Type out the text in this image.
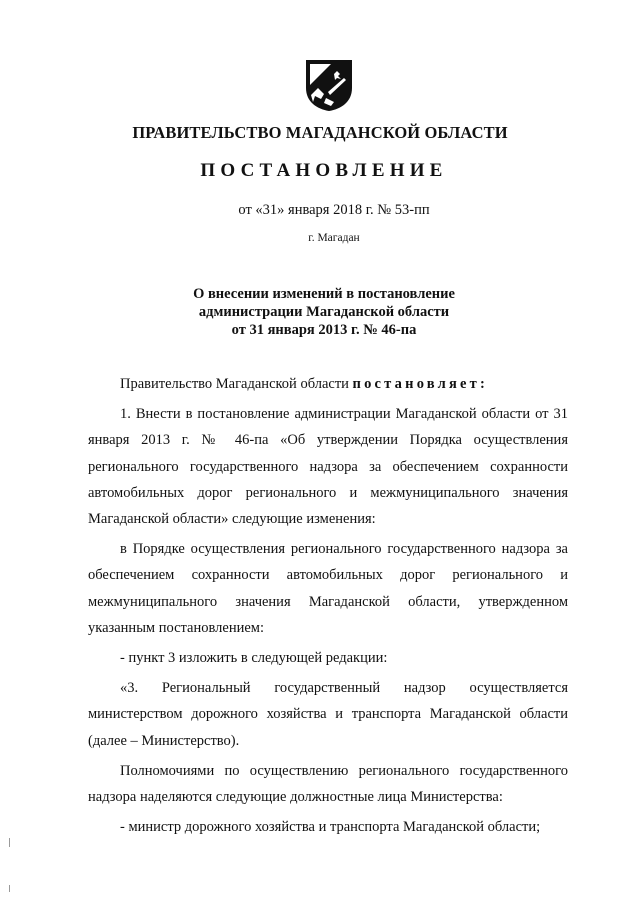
ПРАВИТЕЛЬСТВО МАГАДАНСКОЙ ОБЛАСТИ
ПОСТАНОВЛЕНИЕ
от «31» января 2018 г. № 53-пп
г. Магадан
О внесении изменений в постановление
администрации Магаданской области
от 31 января 2013 г. № 46-па

Правительство Магаданской области постановляет:

1. Внести в постановление администрации Магаданской области от 31 января 2013 г. № 46-па «Об утверждении Порядка осуществления регионального государственного надзора за обеспечением сохранности автомобильных дорог регионального и межмуниципального значения Магаданской области» следующие изменения:

в Порядке осуществления регионального государственного надзора за обеспечением сохранности автомобильных дорог регионального и межмуниципального значения Магаданской области, утвержденном указанным постановлением:

- пункт 3 изложить в следующей редакции:

«3. Региональный государственный надзор осуществляется министерством дорожного хозяйства и транспорта Магаданской области (далее – Министерство).

Полномочиями по осуществлению регионального государственного надзора наделяются следующие должностные лица Министерства:

- министр дорожного хозяйства и транспорта Магаданской области;
